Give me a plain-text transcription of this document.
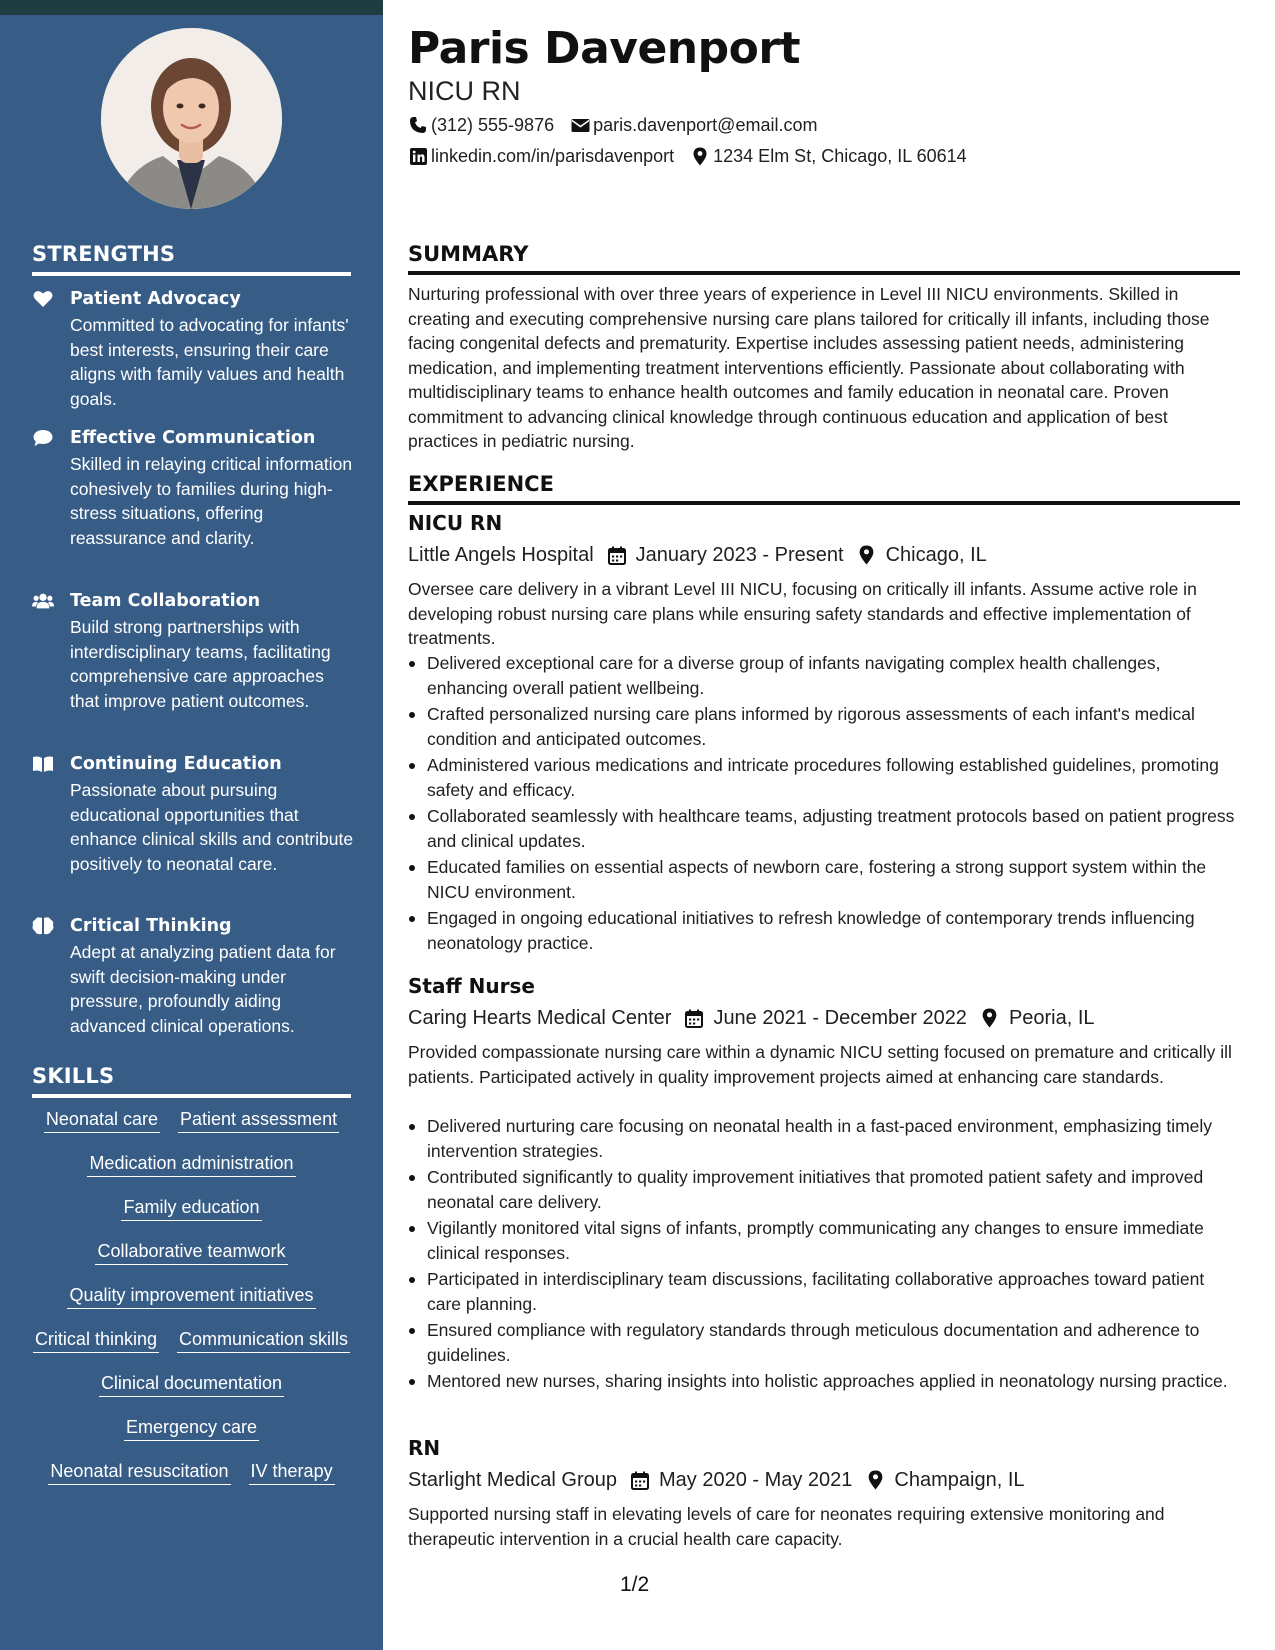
STRENGTHS
Patient Advocacy
Committed to advocating for infants' best interests, ensuring their care aligns with family values and health goals.
Effective Communication
Skilled in relaying critical information cohesively to families during high-stress situations, offering reassurance and clarity.
Team Collaboration
Build strong partnerships with interdisciplinary teams, facilitating comprehensive care approaches that improve patient outcomes.
Continuing Education
Passionate about pursuing educational opportunities that enhance clinical skills and contribute positively to neonatal care.
Critical Thinking
Adept at analyzing patient data for swift decision-making under pressure, profoundly aiding advanced clinical operations.
SKILLS
Neonatal care Patient assessment
Medication administration
Family education
Collaborative teamwork
Quality improvement initiatives
Critical thinking Communication skills
Clinical documentation
Emergency care
Neonatal resuscitation IV therapy
Paris Davenport
NICU RN
(312) 555-9876 paris.davenport@email.com
linkedin.com/in/parisdavenport 1234 Elm St, Chicago, IL 60614
SUMMARY
Nurturing professional with over three years of experience in Level III NICU environments. Skilled in creating and executing comprehensive nursing care plans tailored for critically ill infants, including those facing congenital defects and prematurity. Expertise includes assessing patient needs, administering medication, and implementing treatment interventions efficiently. Passionate about collaborating with multidisciplinary teams to enhance health outcomes and family education in neonatal care. Proven commitment to advancing clinical knowledge through continuous education and application of best practices in pediatric nursing.
EXPERIENCE
NICU RN
Little Angels Hospital January 2023 - Present Chicago, IL
Oversee care delivery in a vibrant Level III NICU, focusing on critically ill infants. Assume active role in developing robust nursing care plans while ensuring safety standards and effective implementation of treatments.
Delivered exceptional care for a diverse group of infants navigating complex health challenges, enhancing overall patient wellbeing.
Crafted personalized nursing care plans informed by rigorous assessments of each infant's medical condition and anticipated outcomes.
Administered various medications and intricate procedures following established guidelines, promoting safety and efficacy.
Collaborated seamlessly with healthcare teams, adjusting treatment protocols based on patient progress and clinical updates.
Educated families on essential aspects of newborn care, fostering a strong support system within the NICU environment.
Engaged in ongoing educational initiatives to refresh knowledge of contemporary trends influencing neonatology practice.
Staff Nurse
Caring Hearts Medical Center June 2021 - December 2022 Peoria, IL
Provided compassionate nursing care within a dynamic NICU setting focused on premature and critically ill patients. Participated actively in quality improvement projects aimed at enhancing care standards.
Delivered nurturing care focusing on neonatal health in a fast-paced environment, emphasizing timely intervention strategies.
Contributed significantly to quality improvement initiatives that promoted patient safety and improved neonatal care delivery.
Vigilantly monitored vital signs of infants, promptly communicating any changes to ensure immediate clinical responses.
Participated in interdisciplinary team discussions, facilitating collaborative approaches toward patient care planning.
Ensured compliance with regulatory standards through meticulous documentation and adherence to guidelines.
Mentored new nurses, sharing insights into holistic approaches applied in neonatology nursing practice.
RN
Starlight Medical Group May 2020 - May 2021 Champaign, IL
Supported nursing staff in elevating levels of care for neonates requiring extensive monitoring and therapeutic intervention in a crucial health care capacity.
1/2
